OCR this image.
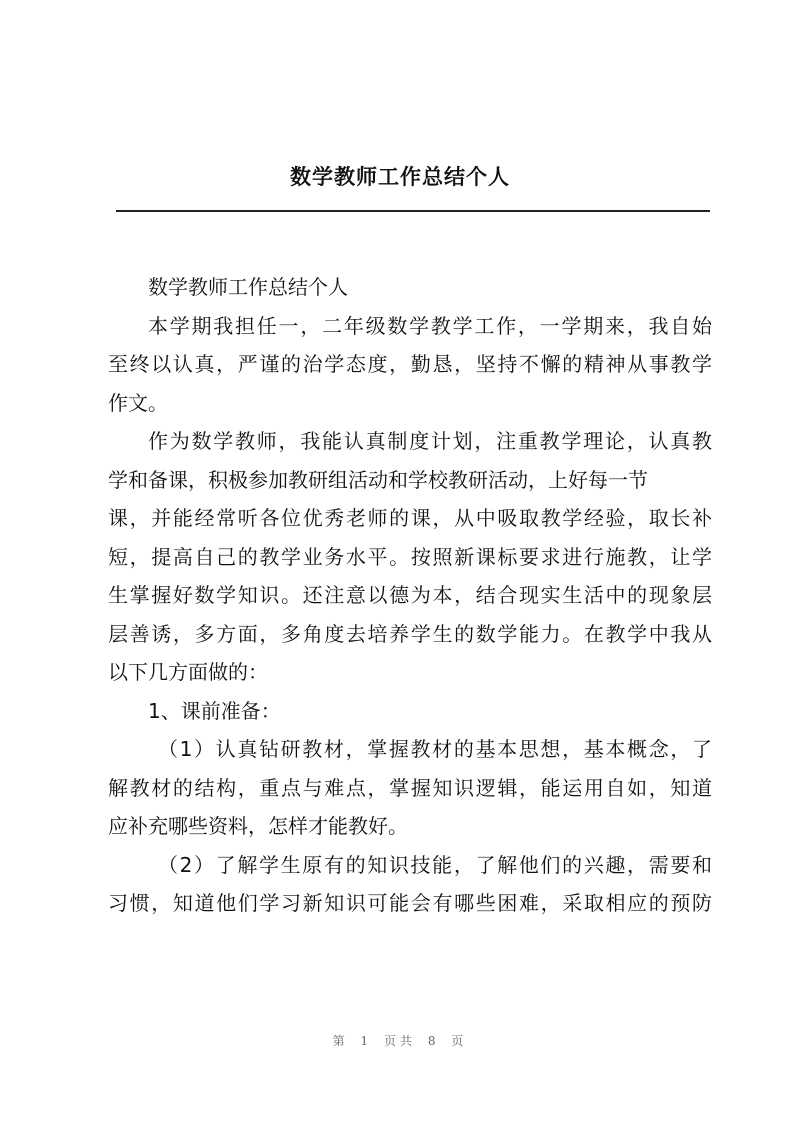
数学教师工作总结个人
数学教师工作总结个人
本学期我担任一，二年级数学教学工作，一学期来，我自始
至终以认真，严谨的治学态度，勤恳，坚持不懈的精神从事教学
作文。
作为数学教师，我能认真制度计划，注重教学理论，认真教
学和备课，积极参加教研组活动和学校教研活动，上好每一节
课，并能经常听各位优秀老师的课，从中吸取教学经验，取长补
短，提高自己的教学业务水平。按照新课标要求进行施教，让学
生掌握好数学知识。还注意以德为本，结合现实生活中的现象层
层善诱，多方面，多角度去培养学生的数学能力。在教学中我从
以下几方面做的：
1、课前准备：
（1）认真钻研教材，掌握教材的基本思想，基本概念，了
解教材的结构，重点与难点，掌握知识逻辑，能运用自如，知道
应补充哪些资料，怎样才能教好。
（2）了解学生原有的知识技能，了解他们的兴趣，需要和
习惯，知道他们学习新知识可能会有哪些困难，采取相应的预防
第 1 页共 8 页
